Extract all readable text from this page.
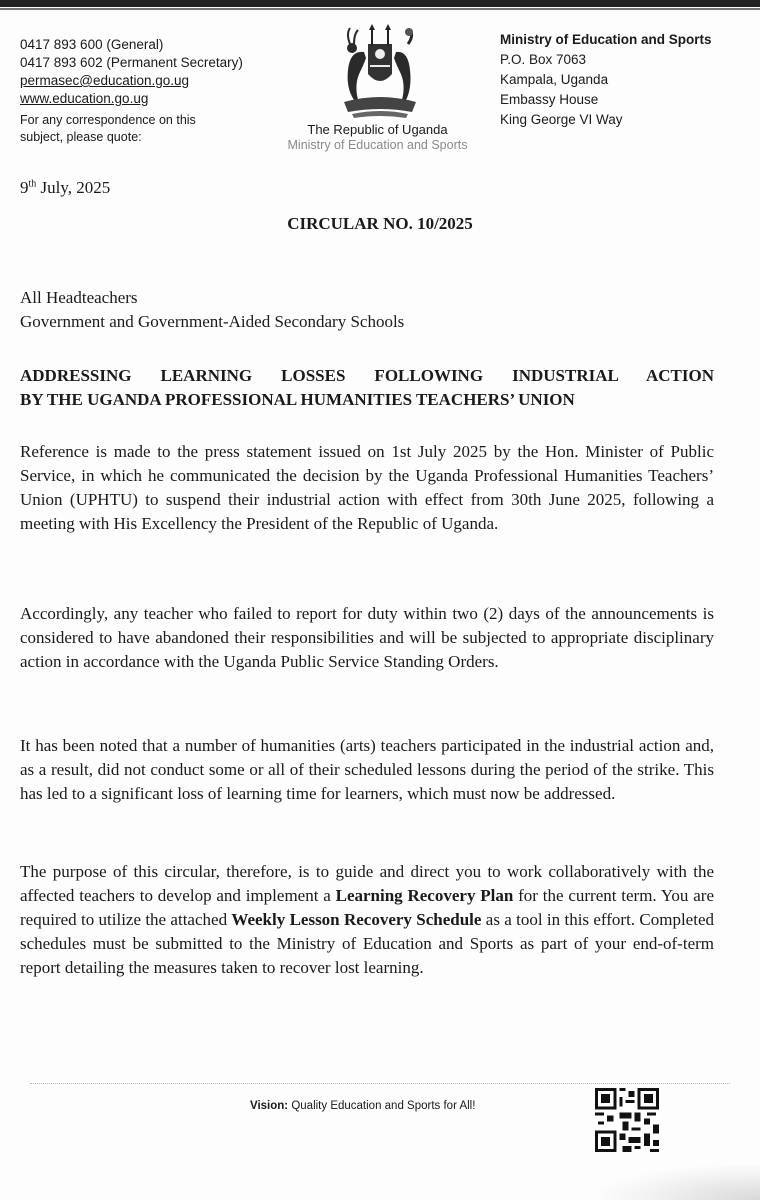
0417 893 600 (General)
0417 893 602 (Permanent Secretary)
permasec@education.go.ug
www.education.go.ug
For any correspondence on this
subject, please quote:	The Republic of Uganda
Ministry of Education and Sports
Ministry of Education and Sports
P.O. Box 7063
Kampala, Uganda
Embassy House
King George VI Way
9th July, 2025
CIRCULAR NO. 10/2025
All Headteachers
Government and Government-Aided Secondary Schools
ADDRESSING LEARNING LOSSES FOLLOWING INDUSTRIAL ACTION
BY THE UGANDA PROFESSIONAL HUMANITIES TEACHERS’ UNION
Reference is made to the press statement issued on 1st July 2025 by the Hon. Minister of Public Service, in which he communicated the decision by the Uganda Professional Humanities Teachers’ Union (UPHTU) to suspend their industrial action with effect from 30th June 2025, following a meeting with His Excellency the President of the Republic of Uganda.
Accordingly, any teacher who failed to report for duty within two (2) days of the announcements is considered to have abandoned their responsibilities and will be subjected to appropriate disciplinary action in accordance with the Uganda Public Service Standing Orders.
It has been noted that a number of humanities (arts) teachers participated in the industrial action and, as a result, did not conduct some or all of their scheduled lessons during the period of the strike. This has led to a significant loss of learning time for learners, which must now be addressed.
The purpose of this circular, therefore, is to guide and direct you to work collaboratively with the affected teachers to develop and implement a Learning Recovery Plan for the current term. You are required to utilize the attached Weekly Lesson Recovery Schedule as a tool in this effort. Completed schedules must be submitted to the Ministry of Education and Sports as part of your end-of-term report detailing the measures taken to recover lost learning.
Vision: Quality Education and Sports for All!
